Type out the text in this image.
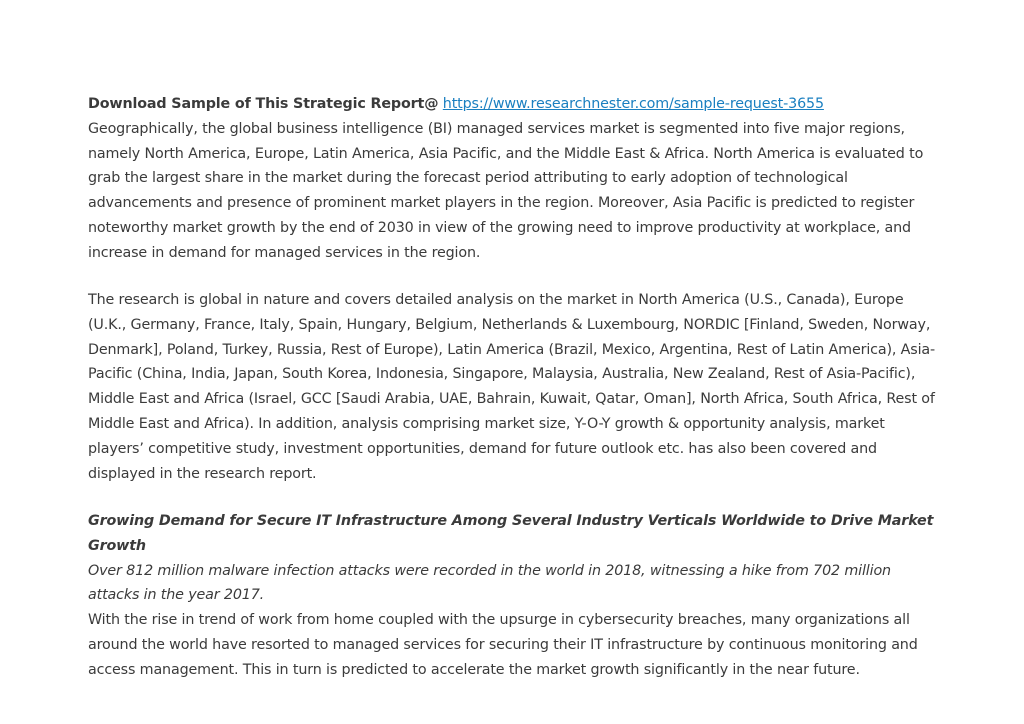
Download Sample of This Strategic Report@ https://www.researchnester.com/sample-request-3655

Geographically, the global business intelligence (BI) managed services market is segmented into five major regions, namely North America, Europe, Latin America, Asia Pacific, and the Middle East & Africa. North America is evaluated to grab the largest share in the market during the forecast period attributing to early adoption of technological advancements and presence of prominent market players in the region. Moreover, Asia Pacific is predicted to register noteworthy market growth by the end of 2030 in view of the growing need to improve productivity at workplace, and increase in demand for managed services in the region.

The research is global in nature and covers detailed analysis on the market in North America (U.S., Canada), Europe (U.K., Germany, France, Italy, Spain, Hungary, Belgium, Netherlands & Luxembourg, NORDIC [Finland, Sweden, Norway, Denmark], Poland, Turkey, Russia, Rest of Europe), Latin America (Brazil, Mexico, Argentina, Rest of Latin America), Asia-Pacific (China, India, Japan, South Korea, Indonesia, Singapore, Malaysia, Australia, New Zealand, Rest of Asia-Pacific), Middle East and Africa (Israel, GCC [Saudi Arabia, UAE, Bahrain, Kuwait, Qatar, Oman], North Africa, South Africa, Rest of Middle East and Africa). In addition, analysis comprising market size, Y-O-Y growth & opportunity analysis, market players’ competitive study, investment opportunities, demand for future outlook etc. has also been covered and displayed in the research report.

Growing Demand for Secure IT Infrastructure Among Several Industry Verticals Worldwide to Drive Market Growth

Over 812 million malware infection attacks were recorded in the world in 2018, witnessing a hike from 702 million attacks in the year 2017.

With the rise in trend of work from home coupled with the upsurge in cybersecurity breaches, many organizations all around the world have resorted to managed services for securing their IT infrastructure by continuous monitoring and access management. This in turn is predicted to accelerate the market growth significantly in the near future.
